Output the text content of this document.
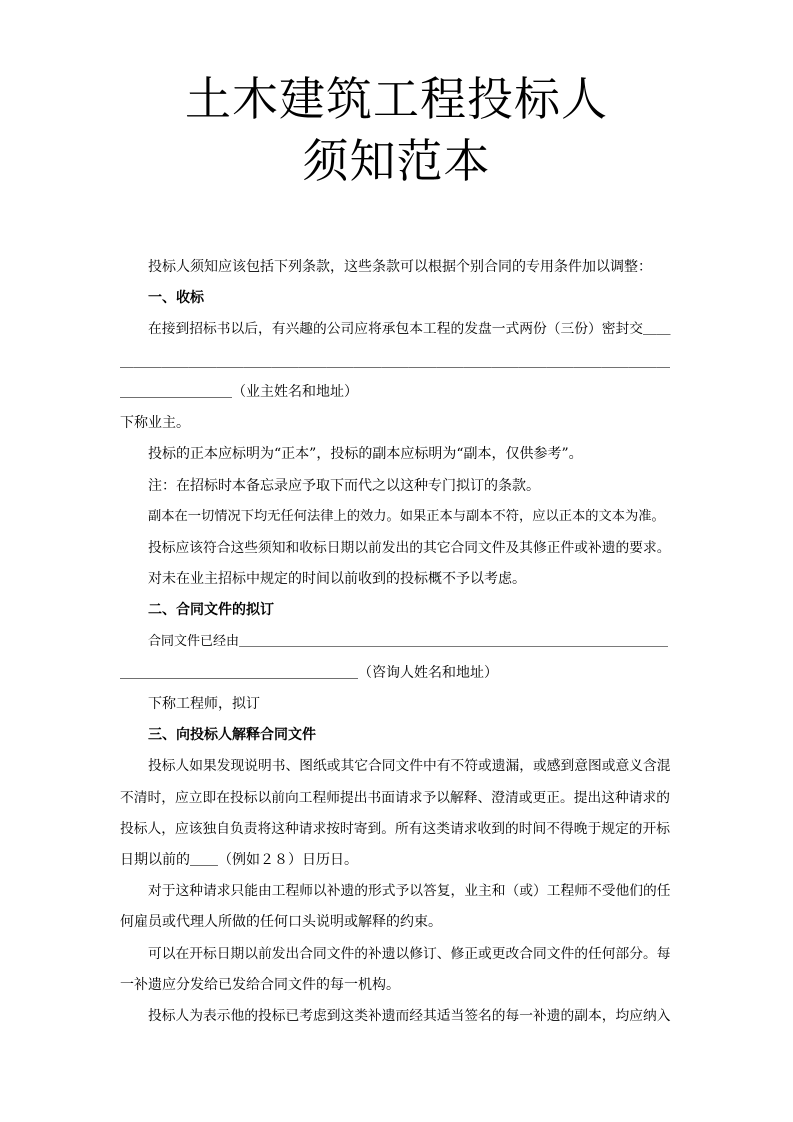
土木建筑工程投标人
须知范本
投标人须知应该包括下列条款，这些条款可以根据个别合同的专用条件加以调整：
一、收标
在接到招标书以后，有兴趣的公司应将承包本工程的发盘一式两份（三份）密封交＿＿
＿＿＿＿＿＿＿＿＿＿＿＿＿＿＿＿＿＿＿＿＿＿＿＿＿＿＿＿＿＿＿＿＿＿＿＿＿＿＿＿
＿＿＿＿＿＿＿＿（业主姓名和地址）
下称业主。
投标的正本应标明为“正本”，投标的副本应标明为“副本，仅供参考”。
注：在招标时本备忘录应予取下而代之以这种专门拟订的条款。
副本在一切情况下均无任何法律上的效力。如果正本与副本不符，应以正本的文本为准。
投标应该符合这些须知和收标日期以前发出的其它合同文件及其修正件或补遗的要求。
对未在业主招标中规定的时间以前收到的投标概不予以考虑。
二、合同文件的拟订
合同文件已经由＿＿＿＿＿＿＿＿＿＿＿＿＿＿＿＿＿＿＿＿＿＿＿＿＿＿＿＿＿＿＿＿＿
＿＿＿＿＿＿＿＿＿＿＿＿＿＿＿＿＿（咨询人姓名和地址）
下称工程师，拟订
三、向投标人解释合同文件
投标人如果发现说明书、图纸或其它合同文件中有不符或遗漏，或感到意图或意义含混
不清时，应立即在投标以前向工程师提出书面请求予以解释、澄清或更正。提出这种请求的
投标人，应该独自负责将这种请求按时寄到。所有这类请求收到的时间不得晚于规定的开标
日期以前的＿＿（例如２８）日历日。
对于这种请求只能由工程师以补遗的形式予以答复，业主和（或）工程师不受他们的任
何雇员或代理人所做的任何口头说明或解释的约束。
可以在开标日期以前发出合同文件的补遗以修订、修正或更改合同文件的任何部分。每
一补遗应分发给已发给合同文件的每一机构。
投标人为表示他的投标已考虑到这类补遗而经其适当签名的每一补遗的副本，均应纳入
